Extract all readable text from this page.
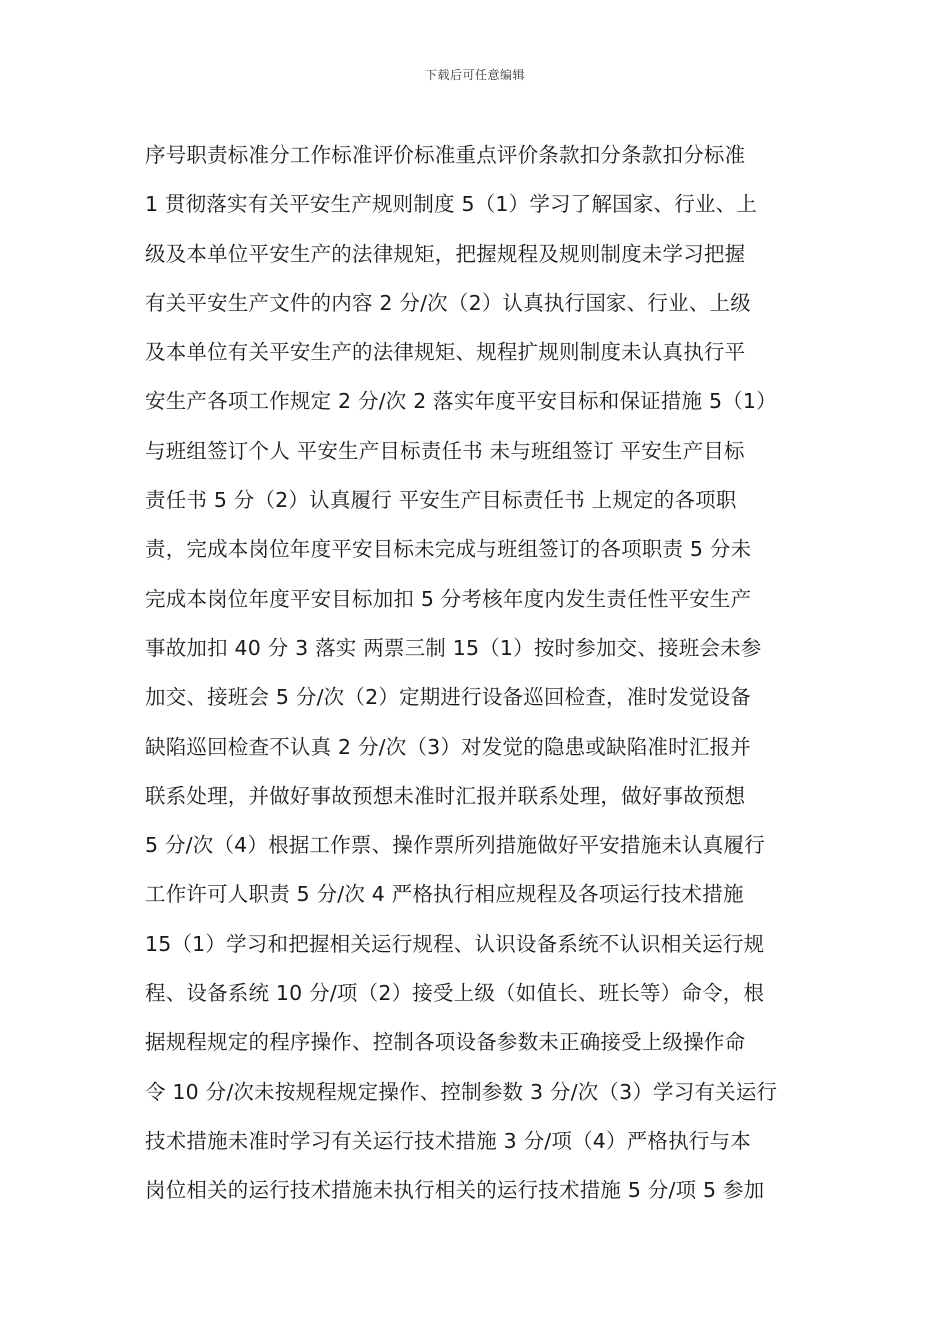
下载后可任意编辑
序号职责标准分工作标准评价标准重点评价条款扣分条款扣分标准
1 贯彻落实有关平安生产规则制度 5（1）学习了解国家、行业、上
级及本单位平安生产的法律规矩，把握规程及规则制度未学习把握
有关平安生产文件的内容 2 分/次（2）认真执行国家、行业、上级
及本单位有关平安生产的法律规矩、规程扩规则制度未认真执行平
安生产各项工作规定 2 分/次 2 落实年度平安目标和保证措施 5（1）
与班组签订个人 平安生产目标责任书 未与班组签订 平安生产目标
责任书 5 分（2）认真履行 平安生产目标责任书 上规定的各项职
责，完成本岗位年度平安目标未完成与班组签订的各项职责 5 分未
完成本岗位年度平安目标加扣 5 分考核年度内发生责任性平安生产
事故加扣 40 分 3 落实 两票三制 15（1）按时参加交、接班会未参
加交、接班会 5 分/次（2）定期进行设备巡回检查，准时发觉设备
缺陷巡回检查不认真 2 分/次（3）对发觉的隐患或缺陷准时汇报并
联系处理，并做好事故预想未准时汇报并联系处理，做好事故预想
5 分/次（4）根据工作票、操作票所列措施做好平安措施未认真履行
工作许可人职责 5 分/次 4 严格执行相应规程及各项运行技术措施
15（1）学习和把握相关运行规程、认识设备系统不认识相关运行规
程、设备系统 10 分/项（2）接受上级（如值长、班长等）命令，根
据规程规定的程序操作、控制各项设备参数未正确接受上级操作命
令 10 分/次未按规程规定操作、控制参数 3 分/次（3）学习有关运行
技术措施未准时学习有关运行技术措施 3 分/项（4）严格执行与本
岗位相关的运行技术措施未执行相关的运行技术措施 5 分/项 5 参加
